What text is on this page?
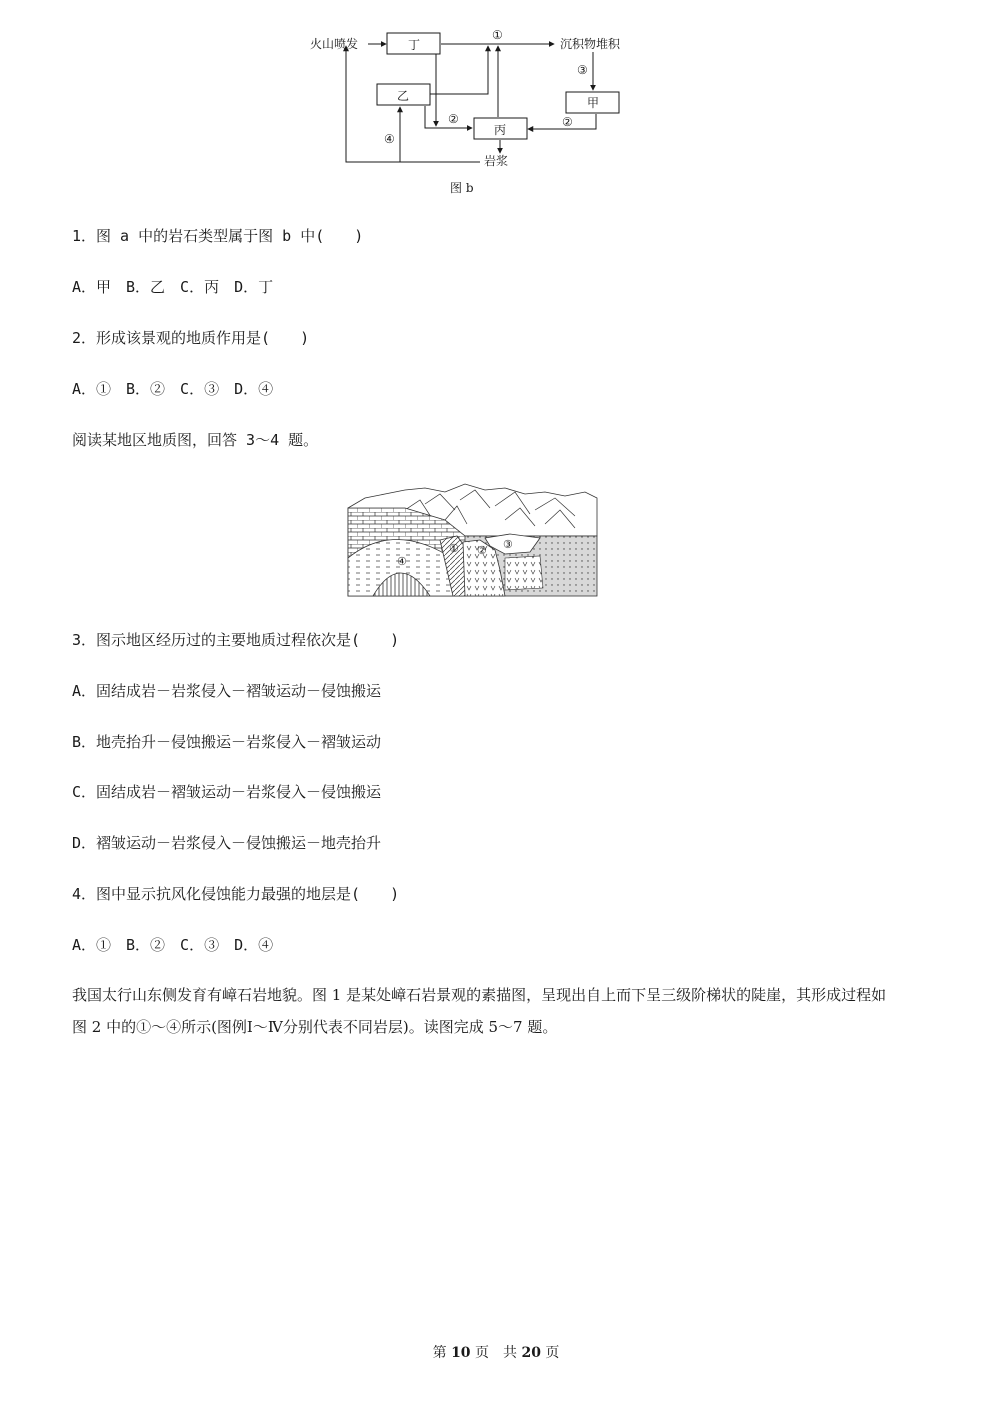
火山喷发	丁
乙
丙
甲
沉积物堆积
岩浆
①
②	②
③
④
图 b
1．图 a 中的岩石类型属于图 b 中(　　)
A．甲　B．乙　C．丙　D．丁
2．形成该景观的地质作用是(　　)
A．①　B．②　C．③　D．④
阅读某地区地质图，回答 3～4 题。
① ② ③
④
3．图示地区经历过的主要地质过程依次是(　　)
A．固结成岩－岩浆侵入－褶皱运动－侵蚀搬运
B．地壳抬升－侵蚀搬运－岩浆侵入－褶皱运动
C．固结成岩－褶皱运动－岩浆侵入－侵蚀搬运
D．褶皱运动－岩浆侵入－侵蚀搬运－地壳抬升
4．图中显示抗风化侵蚀能力最强的地层是(　　)
A．①　B．②　C．③　D．④
我国太行山东侧发育有嶂石岩地貌。图 1 是某处嶂石岩景观的素描图，呈现出自上而下呈三级阶梯状的陡崖，其形成过程如图 2 中的①～④所示(图例Ⅰ～Ⅳ分别代表不同岩层)。读图完成 5～7 题。
第 10 页　共 20 页
